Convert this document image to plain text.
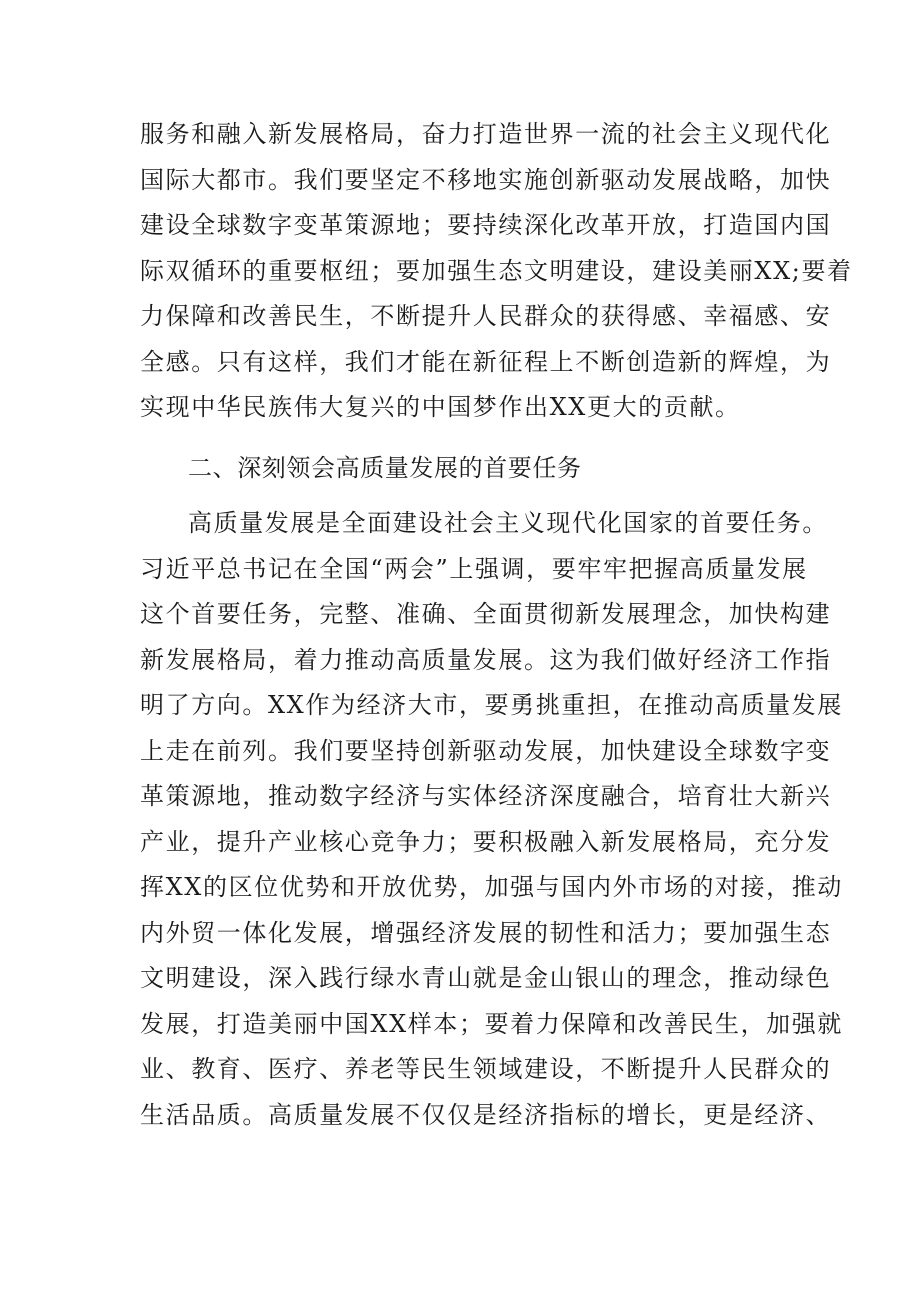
服务和融入新发展格局，奋力打造世界一流的社会主义现代化
国际大都市。我们要坚定不移地实施创新驱动发展战略，加快
建设全球数字变革策源地；要持续深化改革开放，打造国内国
际双循环的重要枢纽；要加强生态文明建设，建设美丽XX;要着
力保障和改善民生，不断提升人民群众的获得感、幸福感、安
全感。只有这样，我们才能在新征程上不断创造新的辉煌，为
实现中华民族伟大复兴的中国梦作出XX更大的贡献。
二、深刻领会高质量发展的首要任务
高质量发展是全面建设社会主义现代化国家的首要任务。
习近平总书记在全国“两会”上强调，要牢牢把握高质量发展
这个首要任务，完整、准确、全面贯彻新发展理念，加快构建
新发展格局，着力推动高质量发展。这为我们做好经济工作指
明了方向。XX作为经济大市，要勇挑重担，在推动高质量发展
上走在前列。我们要坚持创新驱动发展，加快建设全球数字变
革策源地，推动数字经济与实体经济深度融合，培育壮大新兴
产业，提升产业核心竞争力；要积极融入新发展格局，充分发
挥XX的区位优势和开放优势，加强与国内外市场的对接，推动
内外贸一体化发展，增强经济发展的韧性和活力；要加强生态
文明建设，深入践行绿水青山就是金山银山的理念，推动绿色
发展，打造美丽中国XX样本；要着力保障和改善民生，加强就
业、教育、医疗、养老等民生领域建设，不断提升人民群众的
生活品质。高质量发展不仅仅是经济指标的增长，更是经济、
